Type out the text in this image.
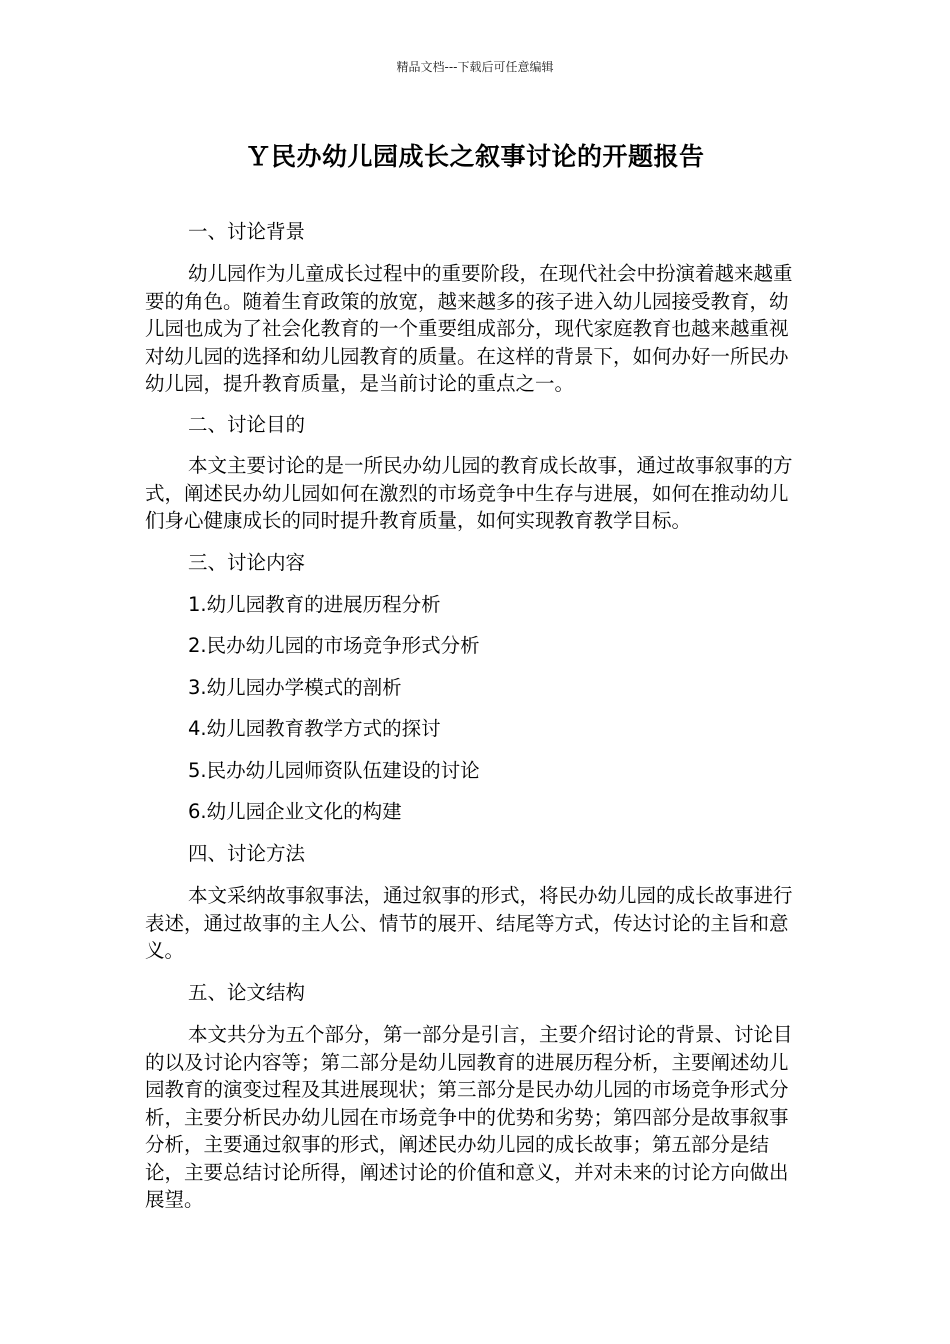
精品文档---下载后可任意编辑
Ｙ民办幼儿园成长之叙事讨论的开题报告
一、讨论背景
幼儿园作为儿童成长过程中的重要阶段，在现代社会中扮演着越来越重要的角色。随着生育政策的放宽，越来越多的孩子进入幼儿园接受教育，幼儿园也成为了社会化教育的一个重要组成部分，现代家庭教育也越来越重视对幼儿园的选择和幼儿园教育的质量。在这样的背景下，如何办好一所民办幼儿园，提升教育质量，是当前讨论的重点之一。
二、讨论目的
本文主要讨论的是一所民办幼儿园的教育成长故事，通过故事叙事的方式，阐述民办幼儿园如何在激烈的市场竞争中生存与进展，如何在推动幼儿们身心健康成长的同时提升教育质量，如何实现教育教学目标。
三、讨论内容
1.幼儿园教育的进展历程分析
2.民办幼儿园的市场竞争形式分析
3.幼儿园办学模式的剖析
4.幼儿园教育教学方式的探讨
5.民办幼儿园师资队伍建设的讨论
6.幼儿园企业文化的构建
四、讨论方法
本文采纳故事叙事法，通过叙事的形式，将民办幼儿园的成长故事进行表述，通过故事的主人公、情节的展开、结尾等方式，传达讨论的主旨和意义。
五、论文结构
本文共分为五个部分，第一部分是引言，主要介绍讨论的背景、讨论目的以及讨论内容等；第二部分是幼儿园教育的进展历程分析，主要阐述幼儿园教育的演变过程及其进展现状；第三部分是民办幼儿园的市场竞争形式分析，主要分析民办幼儿园在市场竞争中的优势和劣势；第四部分是故事叙事分析，主要通过叙事的形式，阐述民办幼儿园的成长故事；第五部分是结论，主要总结讨论所得，阐述讨论的价值和意义，并对未来的讨论方向做出展望。
